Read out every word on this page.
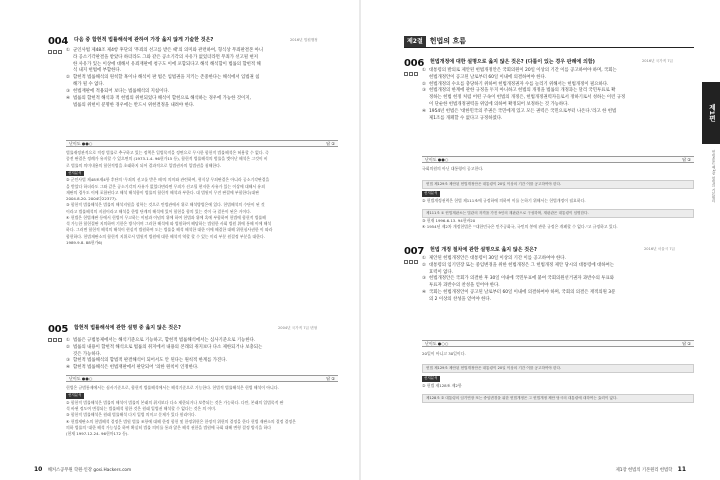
004 다음 중 합헌적 법률해석에 관하여 가장 옳지 않게 기술한 것은?	2016년 법원행정
① 군인사법 제48조 제4항 후단의 '무죄의 선고를 받은 때'의 의미와 관련하여, 형식상 무죄판결본 아니
라 공소기각판결을 받았다 하더라도 그와 같은 공소기각의 사유가 없었더라면 무죄가 선고될 현저
한 사유가 있는 이상에 대해서 유죄재판에 청구도 이에 포함되다고 해석 해석함이 법률의 합헌적 해
석 내지 헌법에 부합한다.
② 합헌적 법률해석의 원칙할 혹이나 해석이 판 법은 입법권을 지키는 존중한다는 해석에서 입법권 침
해가 될 수 없다.
③ 헌법재판에 적용되어 보다는 법률해석의 지침이다.
④ 법률의 합헌적 해석과 적 헌법의 위헌되었다 해석이 합헌으로 해석하는 경우에 가능한 것이지,
법률의 위헌이 분명한 경우에는 반드시 위헌결정을 내려야 한다.
난이도 ●●○	답 ①
법률재정관적으로 적정 법률로 추구하고 있는 정책은 입법목적을 정면으로 무시한 합헌적 법률해석은 허용할 수 없다. 즉
종전 판결은 정례가 유지할 수 있으면의 (1973.1.4. 96헌가15 등), 합헌적 법률해석의 범률을 벗어난 해석은 그것이 비
로 법률의 의미내용의 합헌적법을 초래하지 되어 결과적으로 입법권자의 입법권을 침해한다.
선지분석
② 군인사법 제48조제4항 후단의 '무죄의 선고를 받은 때'의 의미와 관련하여, 형식상 무죄판결은 아니라 공소기각판결을
을 받았다 하더라도 그와 같은 공소기각의 사유가 없었다면라면 무죄가 선고될 현저한 사유가 있는 이상에 대해서 유죄
재판의 경우도 이에 포함된다고 해석 해석함이 법률의 합헌적 해석과 부한다. 대 법원이 무전 판결에 부합한다(대판
2004.8.20. 2004다22377).
③ 합헌적 법률해석은 법률의 해석지원을 철학는 것으로 만법관에서 위로 해석방법은에 있다. 헌법해석의 수단이 된 것
이라고 법률해석의 지침이라고 해석을 한법 단계의 해석에 있어 합헌을 합의 있는 것이 국 결론이 된은 거이다.
④ 헌법은 헌법재판 등에서 헌법이 무고하는 이념과 이념의 위에 하여 헌법과 위에 혹에 부합하여 헌법에 합헌적 법률해
석 가능한 합헌결판 지의하여 기한은 방식이며 그러한 해석에 따 법원하여 해당하는 법원한 사회 법원 위에 통해 이에 해석
하다. 그러면 합헌적 해석의 해석이 현실적 법원하여 도는 법률을 해석 해석한 대한 이에 해결한 대해 위헌심사권한 이 따라
합헌하다. 헌법재판소의 합헌적 지위로서 법원적 법원에 대한 해석적 역할 할 수 있는 미리 부분 원결정 부분을 대한다.
1989.9.8. 88헌가6)
005 합헌적 법률해석에 관한 설명 중 옳지 않은 것은?	2004년 국가직 7급 변형
① 법률은 규범통제에서는 해석기준으로 기능하고, 합헌적 법률해석에서는 심사기준으로 기능한다.
② 법률의 내용이 합헌적 해석으로 법률의 취지에서 내용의 본래의 취지보다 다소 제한되거나 보충되는
것은 가능하다.
③ 합헌적 법률해석의 합법적 판결해석이 되어서도 안 된다는 원칙적 한계를 가진다.
④ 합헌적 법률해석은 헌법재판에서 판단되어 '의한 원칙이 인정한다.
난이도 ●●○	답 ①
헌법은 규범통제에서는 심사기준으로, 합헌적 법률해석에서는 해석기준으로 기능한다. 헌법적 법률해석은 헌법 해석이 아니다.
선지분석
② 합헌적 법률해석은 법률의 해석이 법률의 본래의 취지보다 다소 제한되거나 보충되는 것은 가능하다. 다만, 본래의 입법목적 판
석 바뀐 정도여 변경되는 법률해석 합한 것은 원래 입법권 해석할 수 없다는 것은 의 이미.
③ 합헌적 법률해석은 원래 법률해석 다지 입법 의미고 문제가 있다 원리이다.
④ 헌법재판소의 헌법해석 결정은 법원 법률 조항에 대해 한정 합헌 및 한정위헌은 한정적 위헌의 결정을 한다 헌법 재판소의 결정 결정은
의하 법률의 '대한 해석 가능성을 하여 확실히 법률 의미를 통과 않은 해석 권한을 법원에 국회 대해 변형 결정 방식을 하다
(헌재 1997.12.24. 96헌마172 등).
10 해커스공무원 학원·인강 gosi.Hackers.com
제2절	헌법의 흐름
제1편
헌법총론 제1장 헌법의 기본원리
006 헌법개정에 대한 설명으로 옳지 않은 것은? (다툼이 있는 경우 판례에 의함)	2016년 국가직 7급
① 대통령의 발의로 제안된 헌법개정안은 국회의원이 20일 이상의 기간 이를 공고하여야 하며, 국회는
헌법개정안이 공고된 날로부터 60일 이내에 의결하여야 한다.
② 헌법개정의 수요를 충당하기 위하여 헌법개정권자 수를 늘리기 위해서는 헌법개정이 필요하다.
③ 헌법개정의 한계에 관한 규정을 두지 아니하고 헌법의 개정을 법률의 개정과는 달리 국민투표로 확
정하는 헌법 헌정 처럼 어떤 구속이 헌법의 개정은, 헌법개정권력자들로서 정하기로서 성하는 이런 규정
이 단순한 헌법개정권력을 위임에 의하여 확정되어 보정하는 것 가능하다.
④ 1954년 헌법은 '대한민국의 주권은 국민에게 있고 모든 권력은 국민으로부터 나온다.'라고 한 헌법
제1조를 개폐할 수 없다고 규정하였다.
난이도 ●●○	답 ①
국회의원의 아닌 대통령이 공고한다.
헌법 제129조 제안된 헌법개정안은 대통령이 20일 이상의 기간 이를 공고하여야 한다.
선지분석
② 헌법개정권력은 헌법 제111조에 규정하에 의하여 이를 논하기 위해서는 헌법개정이 필요하다.
제111조 ① 헌법재판소는 법관의 자격을 가진 9인의 재판관으로 구성하며, 재판관은 대통령이 임명한다.
③ 헌재 1996.6.13. 94헌바20
④ 1954년 제2차 개정헌법은 "'대한민국은 민주공화국, 국민의 봉에 관한 규정은 개폐할 수 없다."고 규정하고 있다.
007 헌법 개정 절차에 관한 설명으로 옳지 않은 것은?	2016년 서울시 7급
① 제안된 헌법개정안은 대통령이 30일 이상의 기간 이를 공고하여야 한다.
② 대통령의 임기연장 또는 중임변경을 위한 헌법개정은 그 헌법개정 제안 당시의 대통령에 대하여는
효력이 없다.
③ 헌법개정안은 국회가 의결한 후 30일 이내에 국민투표에 붙여 국회의원선거권자 과반수의 투표와
투표자 과반수의 찬성을 얻어야 한다.
④ 국회는 헌법개정안이 공고된 날로부터 60일 이내에 의결하여야 하며, 국회의 의결은 재적의원 3분
의 2 이상의 찬성을 얻어야 한다.
난이도 ●○○	답 ①
20일이 아니고 30일이다.
헌법 제129조 제안된 헌법개정안은 대통령이 20일 이상의 기간 이를 공고하여야 한다.
선지분석
② 헌법 제128조 제2항
제128조 ② 대통령의 임기연장 또는 중임변경을 위한 헌법개정은 그 헌법개정 제안 당시의 대통령에 대하여는 효력이 없다.
제1장 헌법의 기본원리 헌법학 11
